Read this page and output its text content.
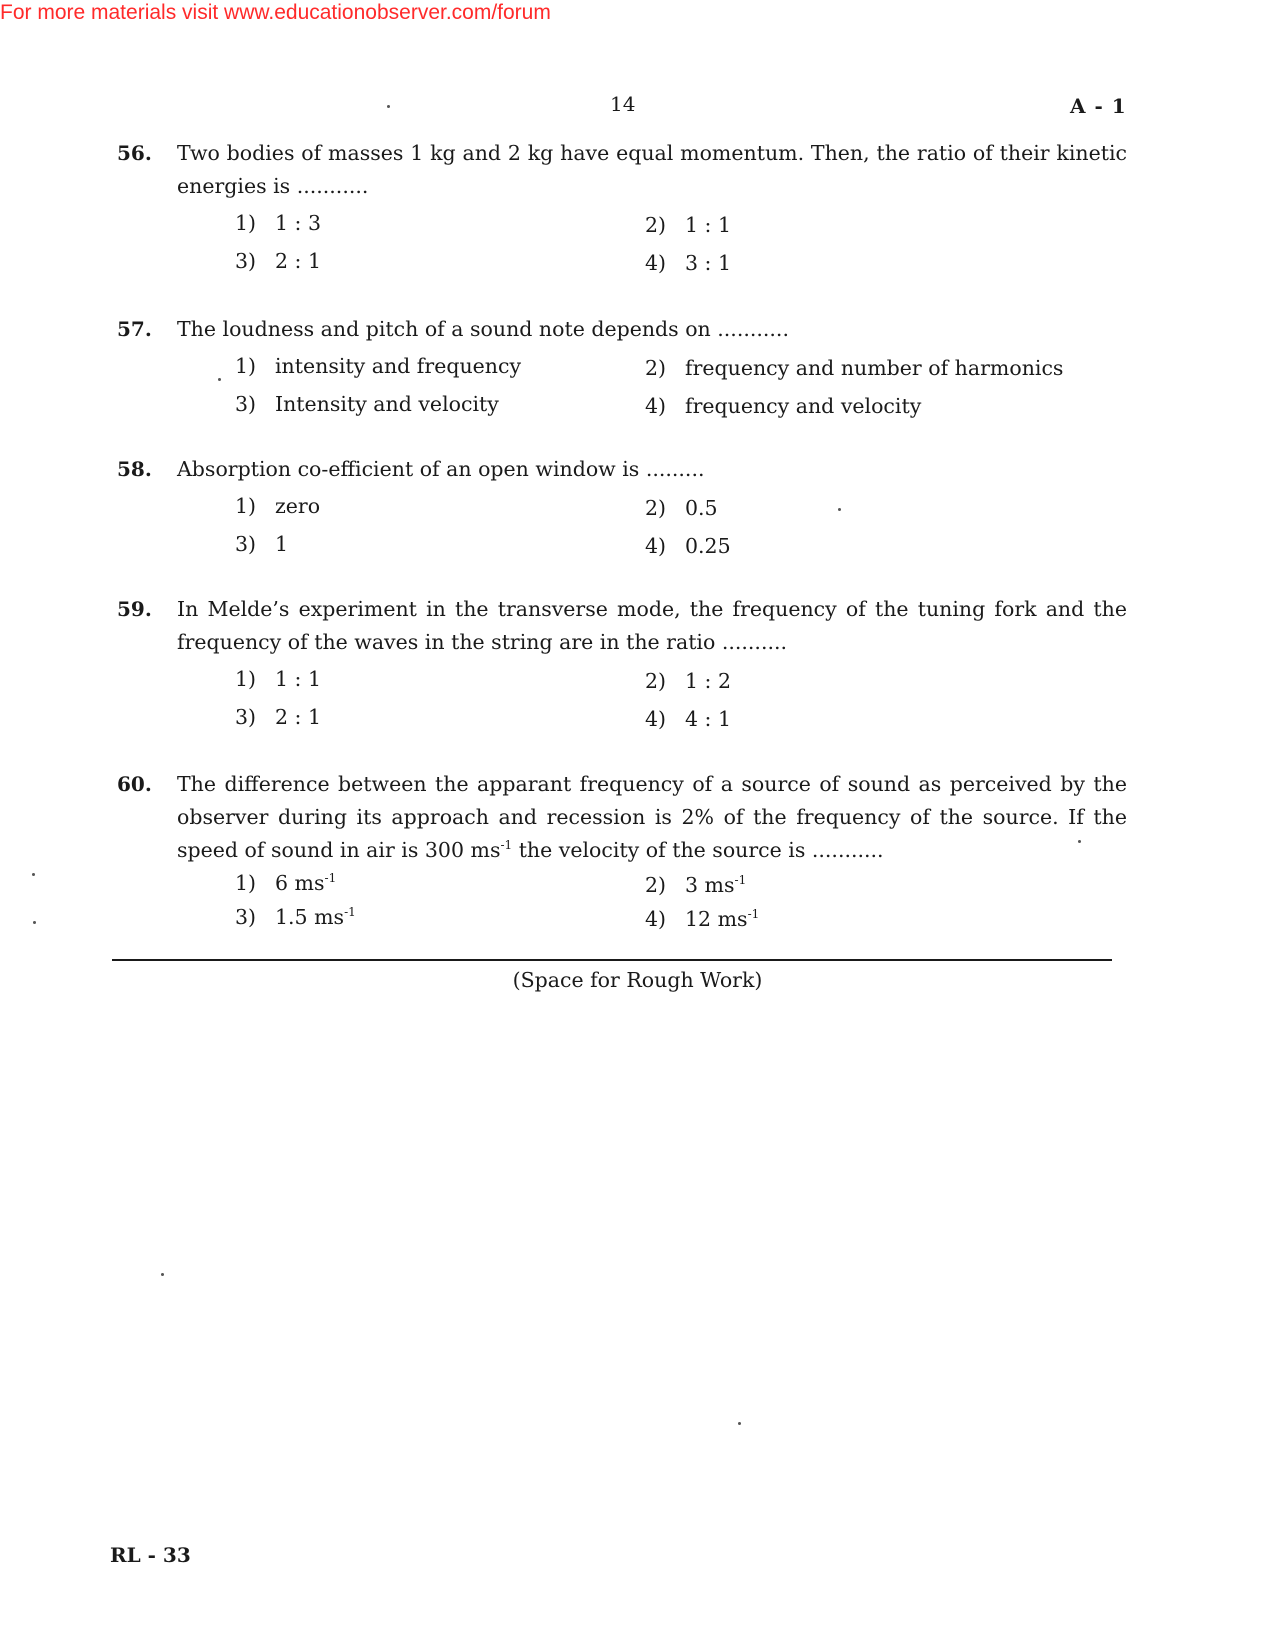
For more materials visit www.educationobserver.com/forum
14	A - 1
56. Two bodies of masses 1 kg and 2 kg have equal momentum. Then, the ratio of their kinetic energies is ...........
1) 1 : 3	2) 1 : 1
3) 2 : 1	4) 3 : 1
57. The loudness and pitch of a sound note depends on ...........
1) intensity and frequency	2) frequency and number of harmonics
3) Intensity and velocity	4) frequency and velocity
58. Absorption co-efficient of an open window is .........
1) zero	2) 0.5
3) 1	4) 0.25
59. In Melde’s experiment in the transverse mode, the frequency of the tuning fork and the frequency of the waves in the string are in the ratio ..........
1) 1 : 1	2) 1 : 2
3) 2 : 1	4) 4 : 1
60. The difference between the apparant frequency of a source of sound as perceived by the observer during its approach and recession is 2% of the frequency of the source. If the speed of sound in air is 300 $ms^{-1}$ the velocity of the source is ...........
1) 6 $ms^{-1}$	2) 3 $ms^{-1}$
3) 1.5 $ms^{-1}$	4) 12 $ms^{-1}$
(Space for Rough Work)
RL - 33
